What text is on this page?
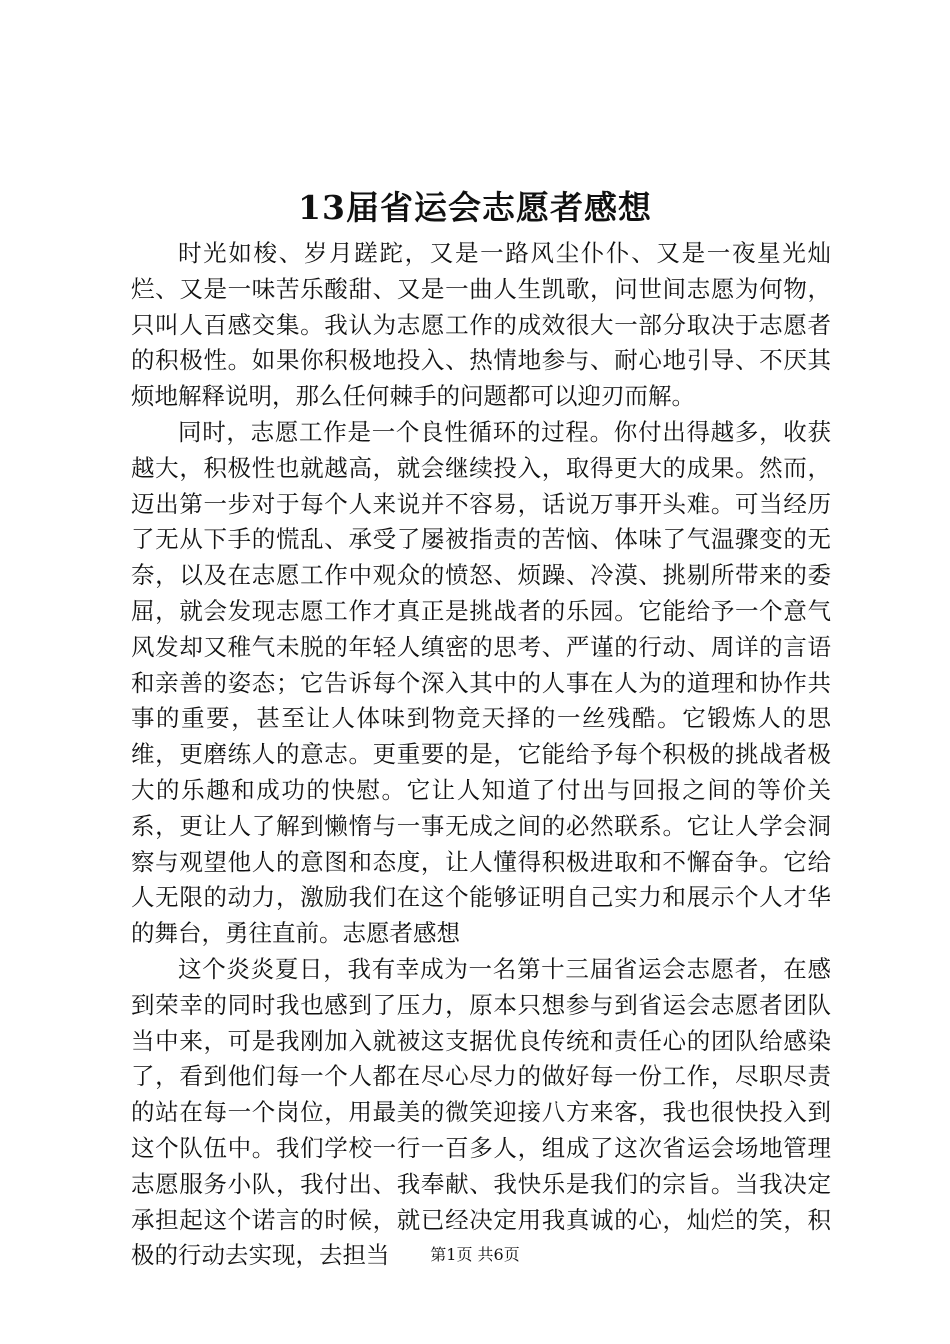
13届省运会志愿者感想

时光如梭、岁月蹉跎，又是一路风尘仆仆、又是一夜星光灿烂、又是一味苦乐酸甜、又是一曲人生凯歌，问世间志愿为何物，只叫人百感交集。我认为志愿工作的成效很大一部分取决于志愿者的积极性。如果你积极地投入、热情地参与、耐心地引导、不厌其烦地解释说明，那么任何棘手的问题都可以迎刃而解。

同时，志愿工作是一个良性循环的过程。你付出得越多，收获越大，积极性也就越高，就会继续投入，取得更大的成果。然而，迈出第一步对于每个人来说并不容易，话说万事开头难。可当经历了无从下手的慌乱、承受了屡被指责的苦恼、体味了气温骤变的无奈，以及在志愿工作中观众的愤怒、烦躁、冷漠、挑剔所带来的委屈，就会发现志愿工作才真正是挑战者的乐园。它能给予一个意气风发却又稚气未脱的年轻人缜密的思考、严谨的行动、周详的言语和亲善的姿态；它告诉每个深入其中的人事在人为的道理和协作共事的重要，甚至让人体味到物竞天择的一丝残酷。它锻炼人的思维，更磨练人的意志。更重要的是，它能给予每个积极的挑战者极大的乐趣和成功的快慰。它让人知道了付出与回报之间的等价关系，更让人了解到懒惰与一事无成之间的必然联系。它让人学会洞察与观望他人的意图和态度，让人懂得积极进取和不懈奋争。它给人无限的动力，激励我们在这个能够证明自己实力和展示个人才华的舞台，勇往直前。志愿者感想

这个炎炎夏日，我有幸成为一名第十三届省运会志愿者，在感到荣幸的同时我也感到了压力，原本只想参与到省运会志愿者团队当中来，可是我刚加入就被这支据优良传统和责任心的团队给感染了，看到他们每一个人都在尽心尽力的做好每一份工作，尽职尽责的站在每一个岗位，用最美的微笑迎接八方来客，我也很快投入到这个队伍中。我们学校一行一百多人，组成了这次省运会场地管理志愿服务小队，我付出、我奉献、我快乐是我们的宗旨。当我决定承担起这个诺言的时候，就已经决定用我真诚的心，灿烂的笑，积极的行动去实现，去担当	第1页 共6页
